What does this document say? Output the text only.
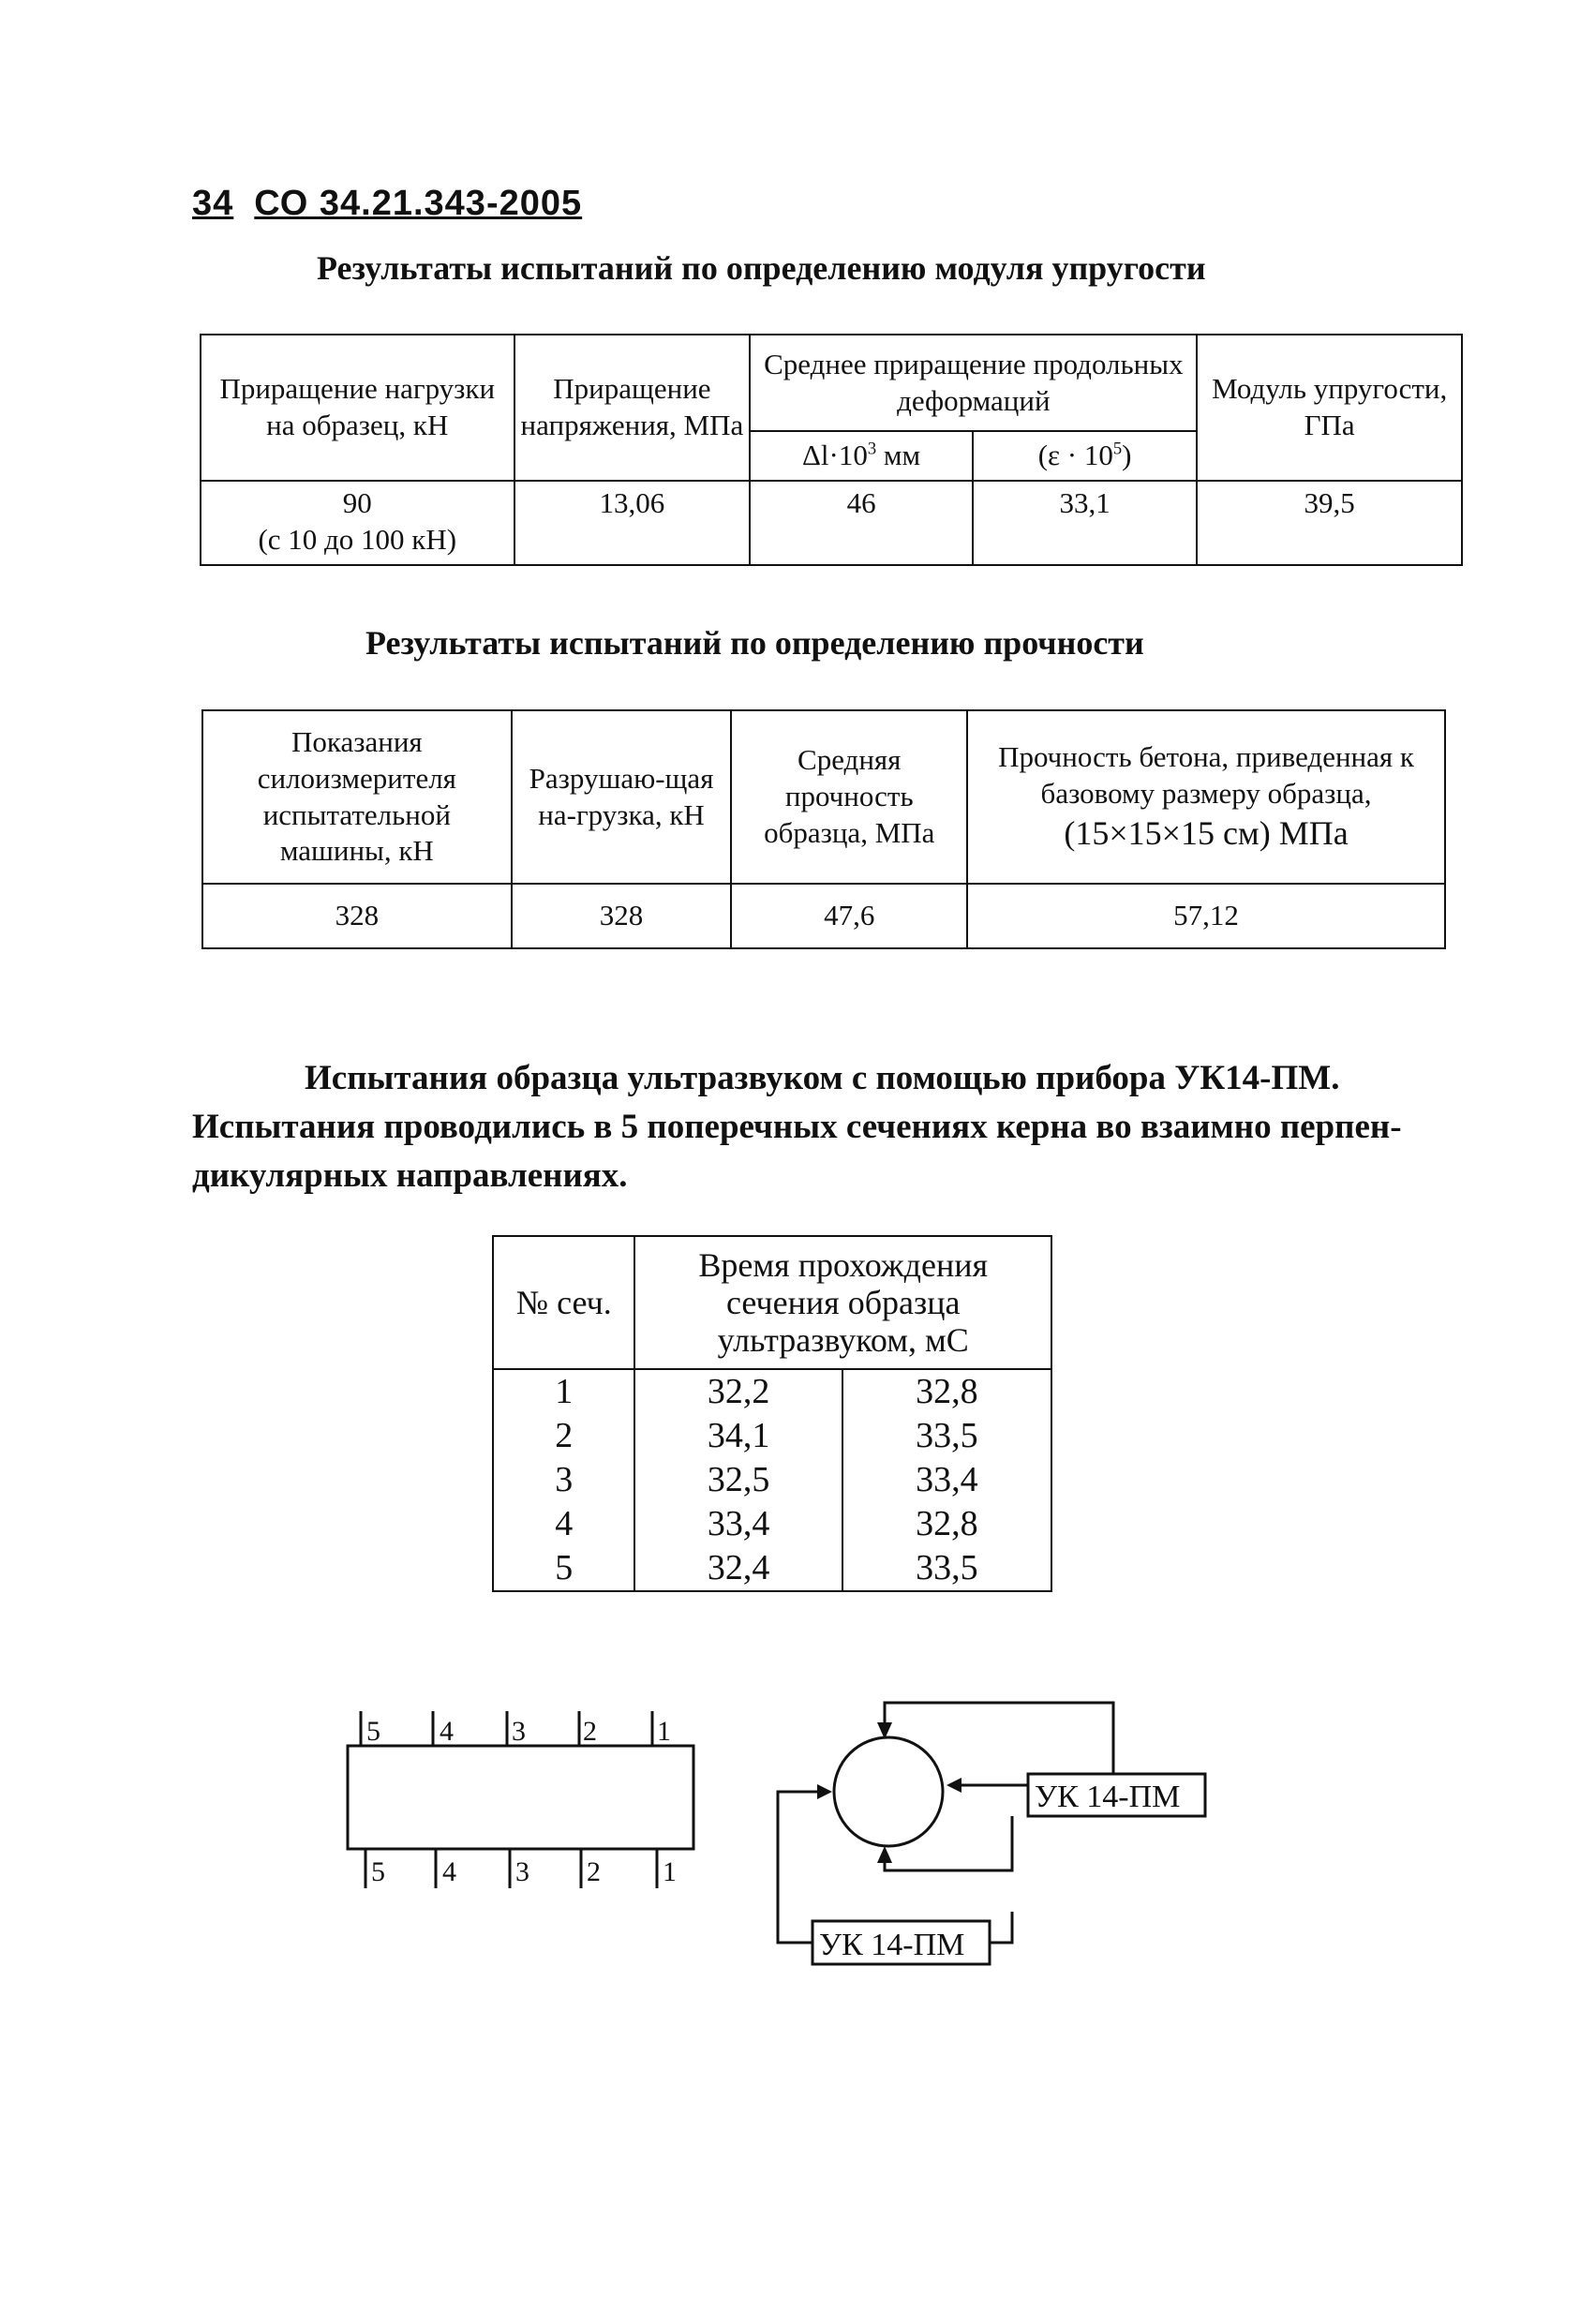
34 СО 34.21.343-2005
Результаты испытаний по определению модуля упругости
Приращение нагрузки на образец, кН	Приращение напряжения, МПа	Среднее приращение продольных деформаций		Модуль упругости, ГПа
		$\Delta l\cdot 10^3$ мм	$(\varepsilon \cdot 10^5)$	

90
(с 10 до 100 кН)	13,06	46	33,1	39,5
Результаты испытаний по определению прочности
Показания силоизмерителя испытательной машины, кН	Разрушаю-щая на-грузка, кН	Средняя прочность образца, МПа	Прочность бетона, приведенная к базовому размеру образца,
(15×15×15 см) МПа

328	328	47,6	57,12
Испытания образца ультразвуком с помощью прибора УК14-ПМ.
Испытания проводились в 5 поперечных сечениях керна во взаимно перпен-
дикулярных направлениях.
№ сеч.	Время прохождения сечения образца ультразвуком, мС	
1	32,2	32,8
2	34,1	33,5
3	32,5	33,4
4	33,4	32,8
5	32,4	33,5
5 4 3 2 1
5 4 3 2 1
УК 14-ПМ
УК 14-ПМ
